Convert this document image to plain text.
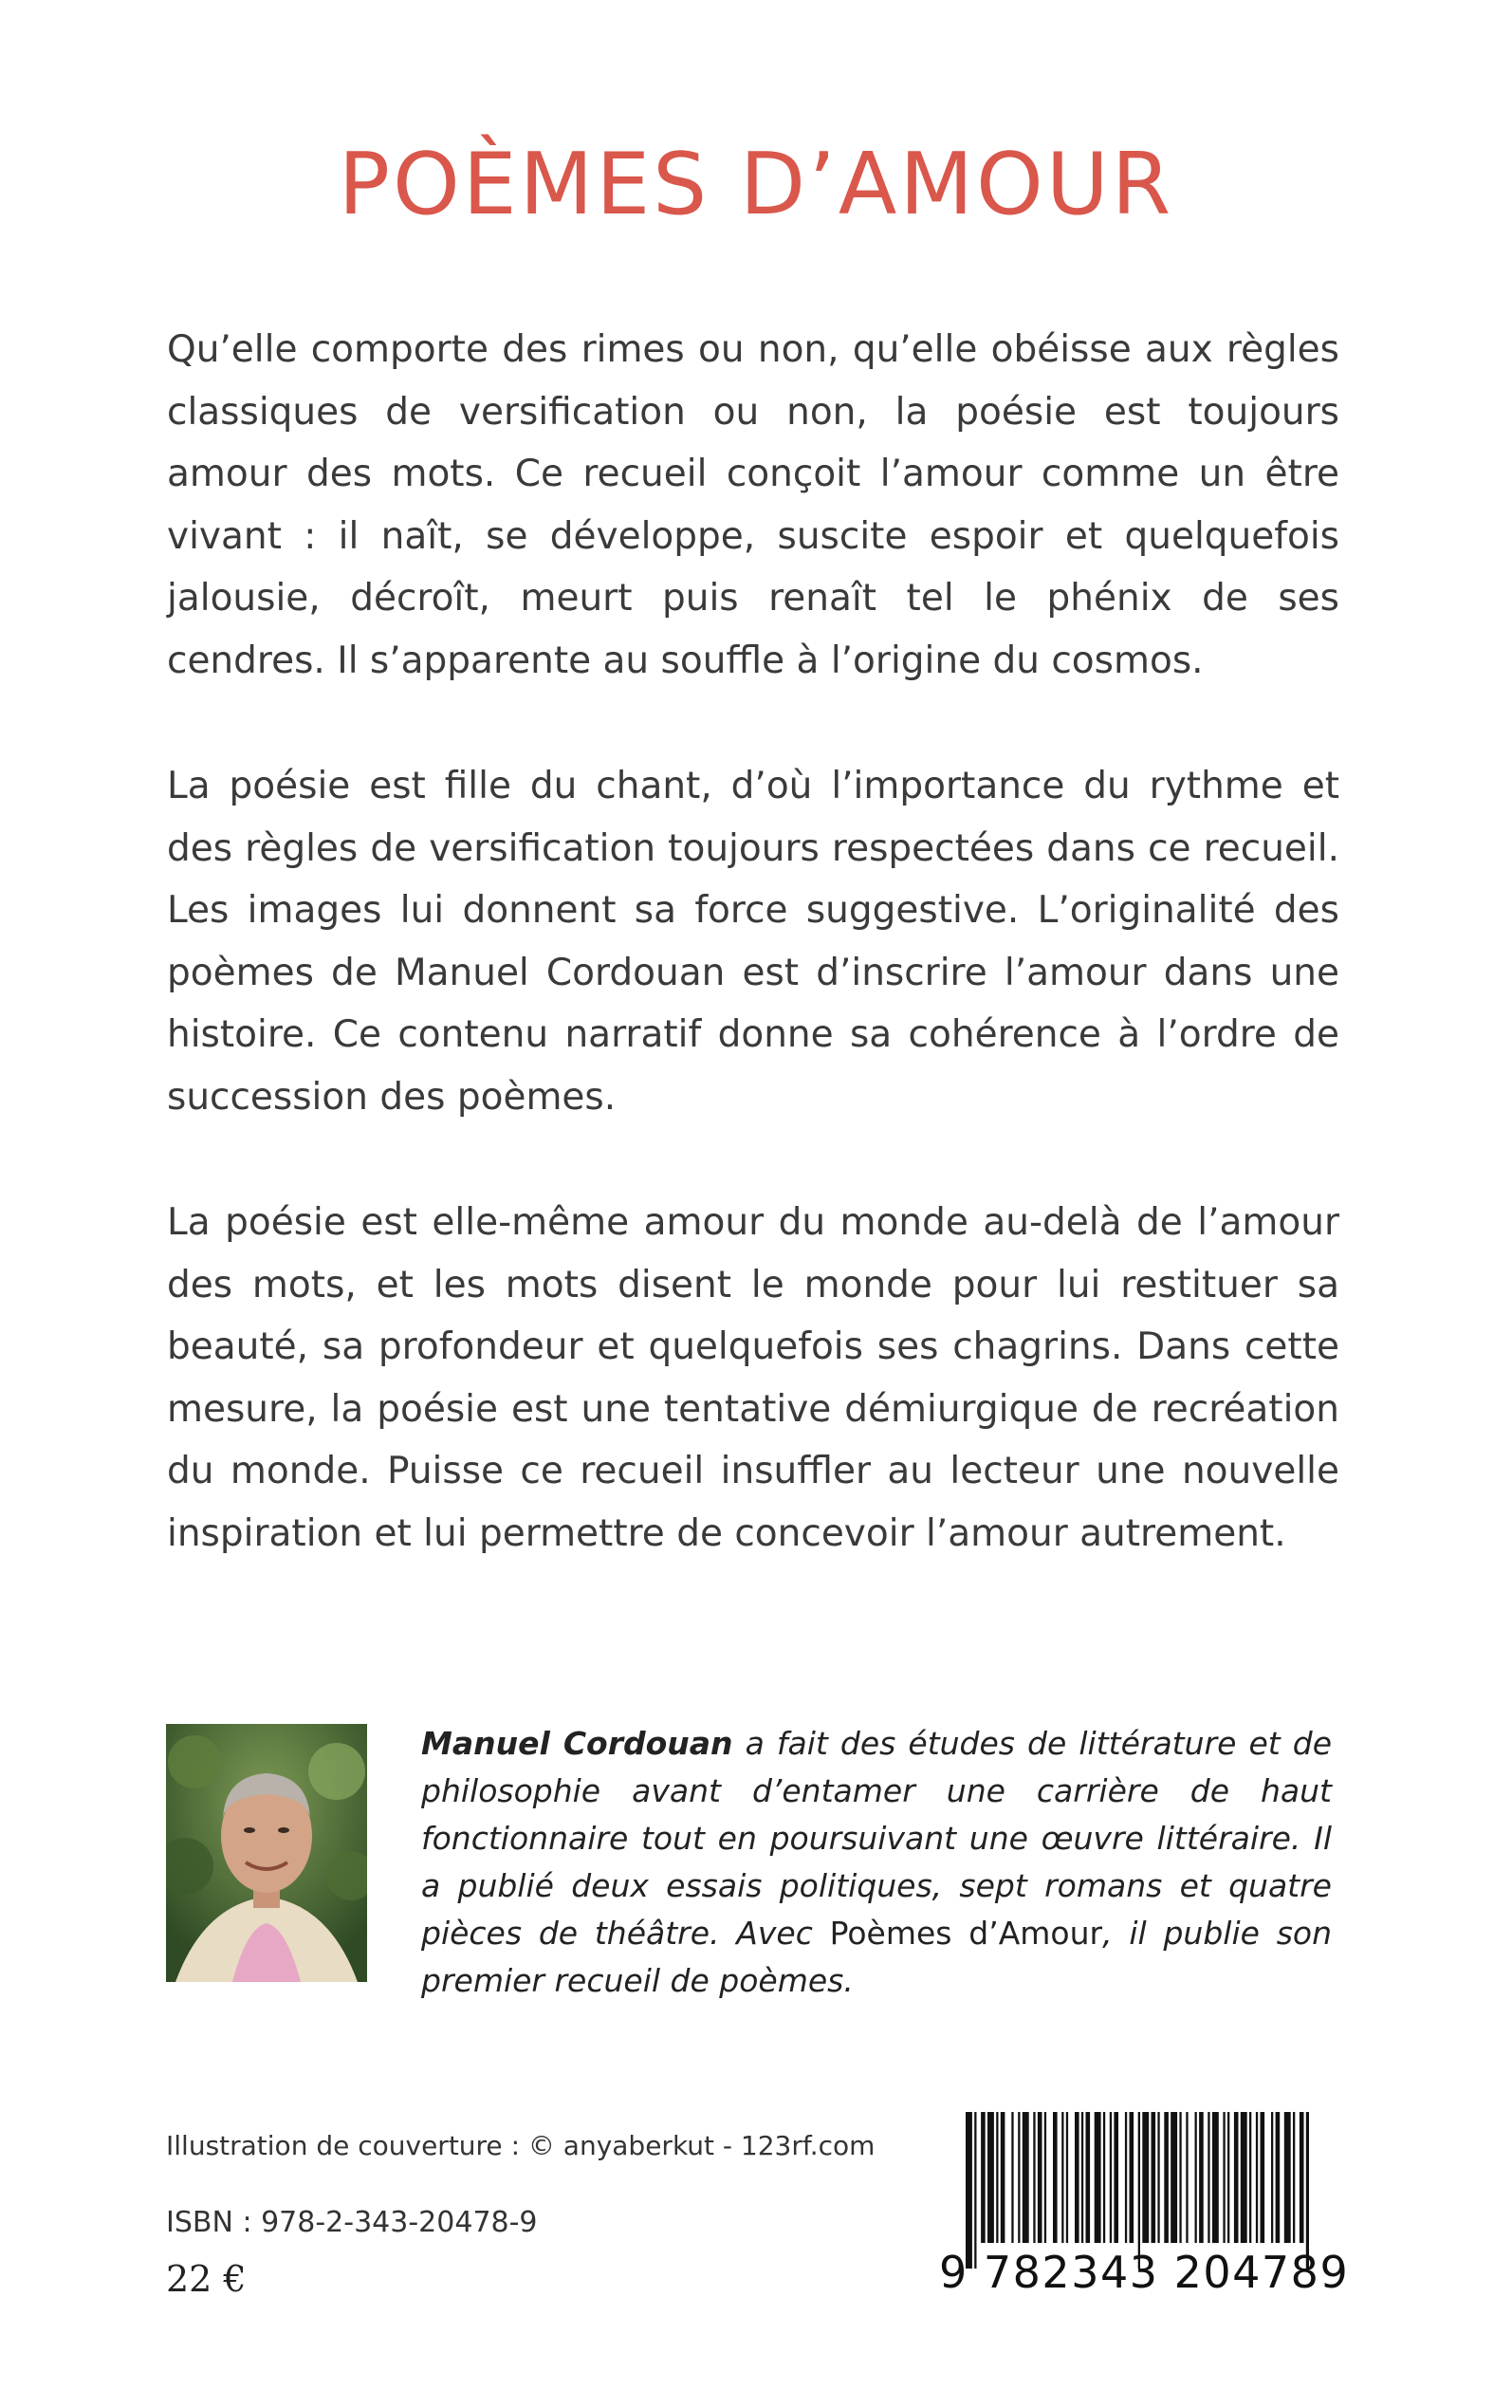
POÈMES D’AMOUR

Qu’elle comporte des rimes ou non, qu’elle obéisse aux règles classiques de versification ou non, la poésie est toujours amour des mots. Ce recueil conçoit l’amour comme un être vivant : il naît, se développe, suscite espoir et quelquefois jalousie, décroît, meurt puis renaît tel le phénix de ses cendres. Il s’apparente au souffle à l’origine du cosmos.

La poésie est fille du chant, d’où l’importance du rythme et des règles de versification toujours respectées dans ce recueil. Les images lui donnent sa force suggestive. L’originalité des poèmes de Manuel Cordouan est d’inscrire l’amour dans une histoire. Ce contenu narratif donne sa cohérence à l’ordre de succession des poèmes.

La poésie est elle-même amour du monde au-delà de l’amour des mots, et les mots disent le monde pour lui restituer sa beauté, sa profondeur et quelquefois ses chagrins. Dans cette mesure, la poésie est une tentative démiurgique de recréation du monde. Puisse ce recueil insuffler au lecteur une nouvelle inspiration et lui permettre de concevoir l’amour autrement.

Manuel Cordouan a fait des études de littérature et de philosophie avant d’entamer une carrière de haut fonctionnaire tout en poursuivant une œuvre littéraire. Il a publié deux essais politiques, sept romans et quatre pièces de théâtre. Avec Poèmes d’Amour, il publie son premier recueil de poèmes.

Illustration de couverture : © anyaberkut - 123rf.com
ISBN : 978-2-343-20478-9
22 €	9 782343 204789
